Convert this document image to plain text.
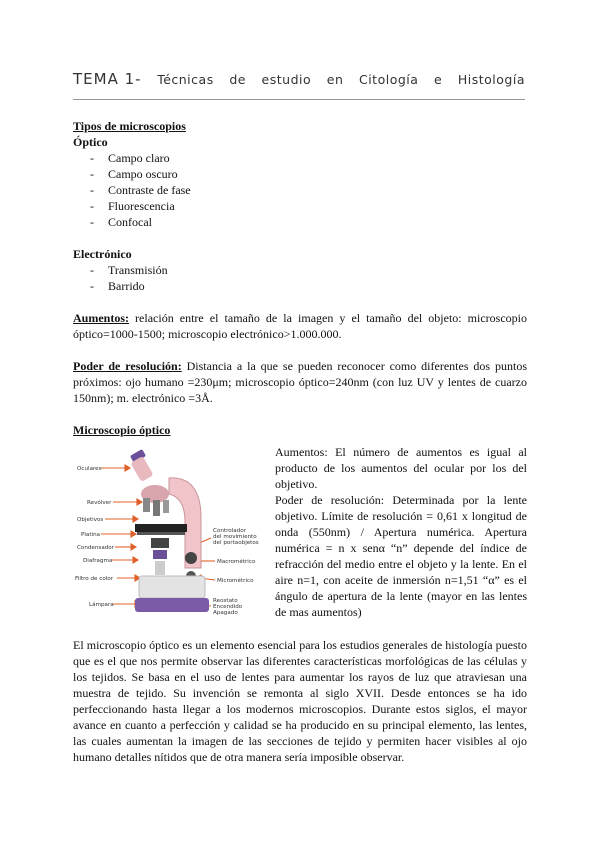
TEMA 1- Técnicas de estudio en Citología e Histología
Tipos de microscopios
Óptico
- Campo claro
- Campo oscuro
- Contraste de fase
- Fluorescencia
- Confocal
Electrónico
- Transmisión
- Barrido

Aumentos: relación entre el tamaño de la imagen y el tamaño del objeto: microscopio óptico=1000-1500; microscopio electrónico>1.000.000.

Poder de resolución: Distancia a la que se pueden reconocer como diferentes dos puntos próximos: ojo humano =230μm; microscopio óptico=240nm (con luz UV y lentes de cuarzo 150nm); m. electrónico =3Å.

Microscopio óptico
Oculares
Revólver
Objetivos
Platina
Condensador
Diafragma
Filtro de color
Lámpara
Controlador
del movimiento
del portaobjetos
Macrométrico
Micrométrico
Reostato
Encendido
Apagado

Aumentos: El número de aumentos es igual al producto de los aumentos del ocular por los del objetivo.

Poder de resolución: Determinada por la lente objetivo. Límite de resolución = 0,61 x longitud de onda (550nm) / Apertura numérica. Apertura numérica = n x senα “n” depende del índice de refracción del medio entre el objeto y la lente. En el aire n=1, con aceite de inmersión n=1,51 “α” es el ángulo de apertura de la lente (mayor en las lentes de mas aumentos)

El microscopio óptico es un elemento esencial para los estudios generales de histología puesto que es el que nos permite observar las diferentes características morfológicas de las células y los tejidos. Se basa en el uso de lentes para aumentar los rayos de luz que atraviesan una muestra de tejido. Su invención se remonta al siglo XVII. Desde entonces se ha ido perfeccionando hasta llegar a los modernos microscopios. Durante estos siglos, el mayor avance en cuanto a perfección y calidad se ha producido en su principal elemento, las lentes, las cuales aumentan la imagen de las secciones de tejido y permiten hacer visibles al ojo humano detalles nítidos que de otra manera sería imposible observar.
